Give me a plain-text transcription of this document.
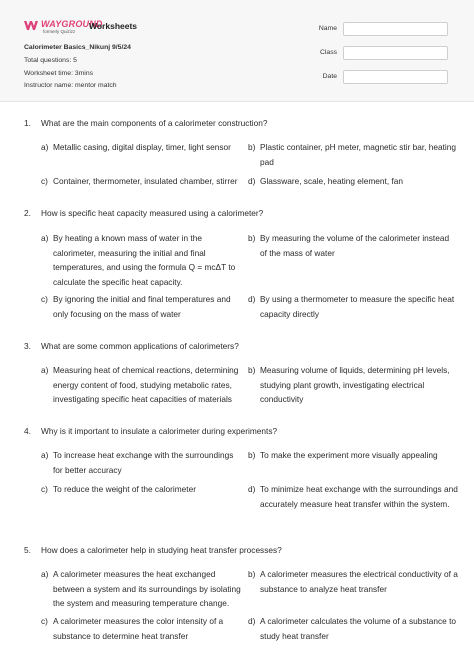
WAYGROUND
formerly Quizizz
Worksheets
Calorimeter Basics_Nikunj 9/5/24
Total questions: 5
Worksheet time: 3mins
Instructor name: mentor match
Name
Class
Date
1. What are the main components of a calorimeter construction?
a) Metallic casing, digital display, timer, light sensor	b) Plastic container, pH meter, magnetic stir bar, heating pad
c) Container, thermometer, insulated chamber, stirrer	d) Glassware, scale, heating element, fan
2. How is specific heat capacity measured using a calorimeter?
a) By heating a known mass of water in the calorimeter, measuring the initial and final temperatures, and using the formula Q = mcΔT to calculate the specific heat capacity.
b) By measuring the volume of the calorimeter instead of the mass of water
c) By ignoring the initial and final temperatures and only focusing on the mass of water
d) By using a thermometer to measure the specific heat capacity directly
3. What are some common applications of calorimeters?
a) Measuring heat of chemical reactions, determining energy content of food, studying metabolic rates, investigating specific heat capacities of materials
b) Measuring volume of liquids, determining pH levels, studying plant growth, investigating electrical conductivity
4. Why is it important to insulate a calorimeter during experiments?
a) To increase heat exchange with the surroundings for better accuracy
b) To make the experiment more visually appealing
c) To reduce the weight of the calorimeter	d) To minimize heat exchange with the surroundings and accurately measure heat transfer within the system.
5. How does a calorimeter help in studying heat transfer processes?
a) A calorimeter measures the heat exchanged between a system and its surroundings by isolating the system and measuring temperature change.
b) A calorimeter measures the electrical conductivity of a substance to analyze heat transfer
c) A calorimeter measures the color intensity of a substance to determine heat transfer
d) A calorimeter calculates the volume of a substance to study heat transfer
